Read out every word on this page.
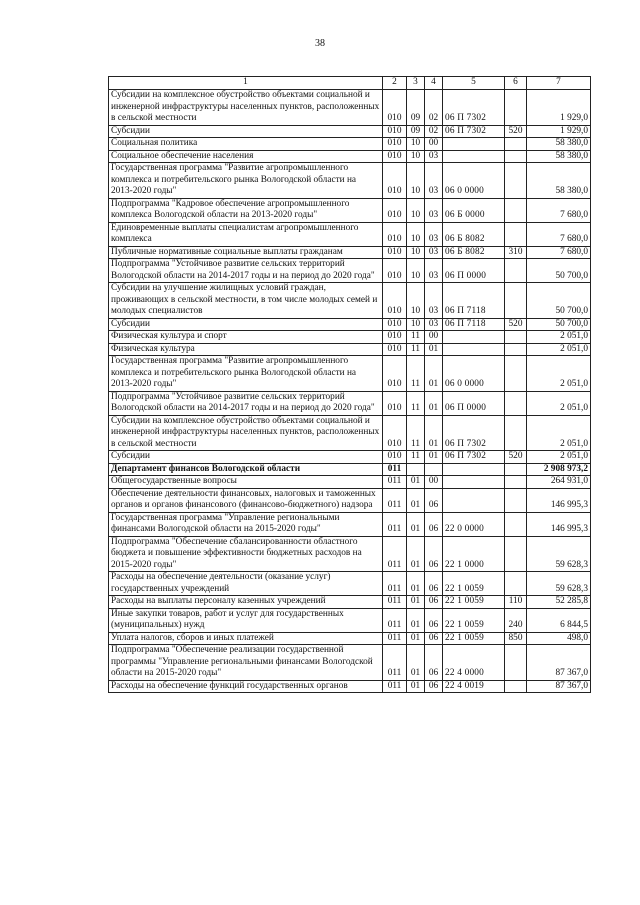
38
1	2	3	4	5	6	7
Субсидии на комплексное обустройство объектами социальной и инженерной инфраструктуры населенных пунктов, расположенных в сельской местности	010	09	02	06 П 7302		1 929,0
Субсидии	010	09	02	06 П 7302	520	1 929,0
Социальная политика	010	10	00			58 380,0
Социальное обеспечение населения	010	10	03			58 380,0
Государственная программа "Развитие агропромышленного комплекса и потребительского рынка Вологодской области на 2013-2020 годы"	010	10	03	06 0 0000		58 380,0
Подпрограмма "Кадровое обеспечение агропромышленного комплекса Вологодской области на 2013-2020 годы"	010	10	03	06 Б 0000		7 680,0
Единовременные выплаты специалистам агропромышленного комплекса	010	10	03	06 Б 8082		7 680,0
Публичные нормативные социальные выплаты гражданам	010	10	03	06 Б 8082	310	7 680,0
Подпрограмма "Устойчивое развитие сельских территорий Вологодской области на 2014-2017 годы и на период до 2020 года"	010	10	03	06 П 0000		50 700,0
Субсидии на улучшение жилищных условий граждан, проживающих в сельской местности, в том числе молодых семей и молодых специалистов	010	10	03	06 П 7118		50 700,0
Субсидии	010	10	03	06 П 7118	520	50 700,0
Физическая культура и спорт	010	11	00			2 051,0
Физическая культура	010	11	01			2 051,0
Государственная программа "Развитие агропромышленного комплекса и потребительского рынка Вологодской области на 2013-2020 годы"	010	11	01	06 0 0000		2 051,0
Подпрограмма "Устойчивое развитие сельских территорий Вологодской области на 2014-2017 годы и на период до 2020 года"	010	11	01	06 П 0000		2 051,0
Субсидии на комплексное обустройство объектами социальной и инженерной инфраструктуры населенных пунктов, расположенных в сельской местности	010	11	01	06 П 7302		2 051,0
Субсидии	010	11	01	06 П 7302	520	2 051,0
Департамент финансов Вологодской области	011					2 908 973,2
Общегосударственные вопросы	011	01	00			264 931,0
Обеспечение деятельности финансовых, налоговых и таможенных органов и органов финансового (финансово-бюджетного) надзора	011	01	06			146 995,3
Государственная программа "Управление региональными финансами Вологодской области на 2015-2020 годы"	011	01	06	22 0 0000		146 995,3
Подпрограмма "Обеспечение сбалансированности областного бюджета и повышение эффективности бюджетных расходов на 2015-2020 годы"	011	01	06	22 1 0000		59 628,3
Расходы на обеспечение деятельности (оказание услуг) государственных учреждений	011	01	06	22 1 0059		59 628,3
Расходы на выплаты персоналу казенных учреждений	011	01	06	22 1 0059	110	52 285,8
Иные закупки товаров, работ и услуг для государственных (муниципальных) нужд	011	01	06	22 1 0059	240	6 844,5
Уплата налогов, сборов и иных платежей	011	01	06	22 1 0059	850	498,0
Подпрограмма "Обеспечение реализации государственной программы "Управление региональными финансами Вологодской области на 2015-2020 годы"	011	01	06	22 4 0000		87 367,0
Расходы на обеспечение функций государственных органов	011	01	06	22 4 0019		87 367,0
